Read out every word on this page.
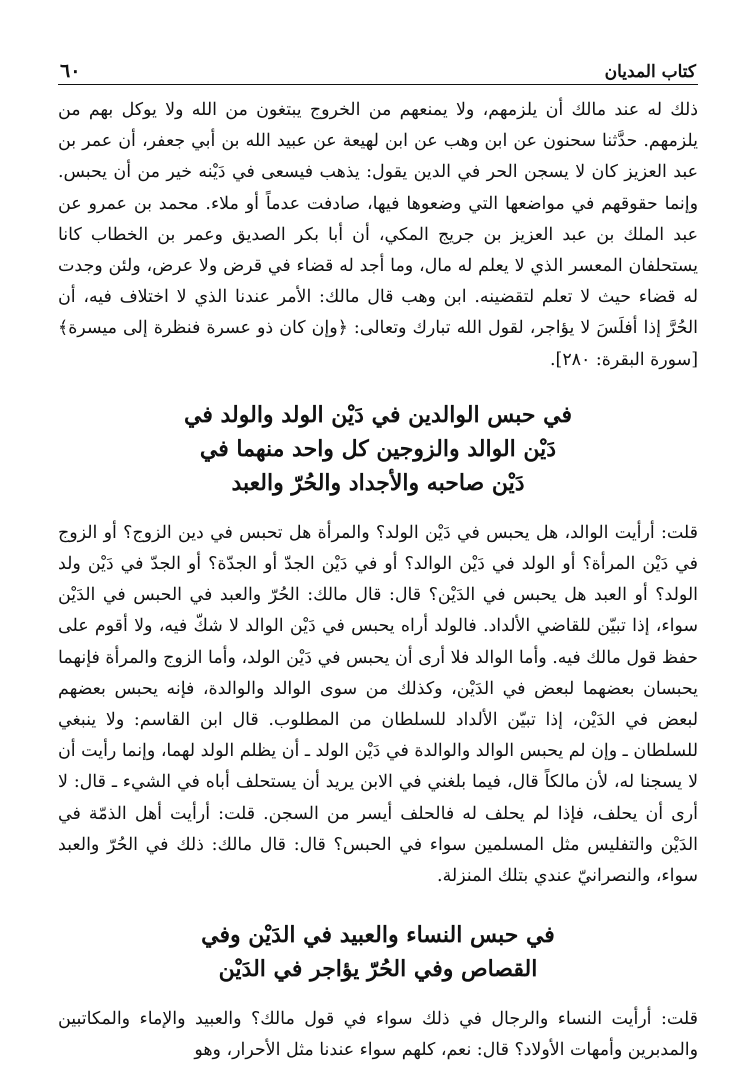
كتاب المديان
٦٠

ذلك له عند مالك أن يلزمهم، ولا يمنعهم من الخروج يبتغون من الله ولا يوكل بهم من يلزمهم. حدَّثنا سحنون عن ابن وهب عن ابن لهيعة عن عبيد الله بن أبي جعفر، أن عمر بن عبد العزيز كان لا يسجن الحر في الدين يقول: يذهب فيسعى في دَيْنه خير من أن يحبس. وإنما حقوقهم في مواضعها التي وضعوها فيها، صادفت عدماً أو ملاء. محمد بن عمرو عن عبد الملك بن عبد العزيز بن جريج المكي، أن أبا بكر الصديق وعمر بن الخطاب كانا يستحلفان المعسر الذي لا يعلم له مال، وما أجد له قضاء في قرض ولا عرض، ولئن وجدت له قضاء حيث لا تعلم لتقضينه. ابن وهب قال مالك: الأمر عندنا الذي لا اختلاف فيه، أن الحُرَّ إذا أفلَسَ لا يؤاجر، لقول الله تبارك وتعالى: ﴿وإن كان ذو عسرة فنظرة إلى ميسرة﴾ [سورة البقرة: ٢٨٠].

في حبس الوالدين في دَيْن الولد والولد في
دَيْن الوالد والزوجين كل واحد منهما في
دَيْن صاحبه والأجداد والحُرّ والعبد

قلت: أرأيت الوالد، هل يحبس في دَيْن الولد؟ والمرأة هل تحبس في دين الزوج؟ أو الزوج في دَيْن المرأة؟ أو الولد في دَيْن الوالد؟ أو في دَيْن الجدّ أو الجدّة؟ أو الجدّ في دَيْن ولد الولد؟ أو العبد هل يحبس في الدَيْن؟ قال: قال مالك: الحُرّ والعبد في الحبس في الدَيْن سواء، إذا تبيّن للقاضي الألداد. فالولد أراه يحبس في دَيْن الوالد لا شكّ فيه، ولا أقوم على حفظ قول مالك فيه. وأما الوالد فلا أرى أن يحبس في دَيْن الولد، وأما الزوج والمرأة فإنهما يحبسان بعضهما لبعض في الدَيْن، وكذلك من سوى الوالد والوالدة، فإنه يحبس بعضهم لبعض في الدَيْن، إذا تبيّن الألداد للسلطان من المطلوب. قال ابن القاسم: ولا ينبغي للسلطان ـ وإن لم يحبس الوالد والوالدة في دَيْن الولد ـ أن يظلم الولد لهما، وإنما رأيت أن لا يسجنا له، لأن مالكاً قال، فيما بلغني في الابن يريد أن يستحلف أباه في الشيء ـ قال: لا أرى أن يحلف، فإذا لم يحلف له فالحلف أيسر من السجن. قلت: أرأيت أهل الذمّة في الدَيْن والتفليس مثل المسلمين سواء في الحبس؟ قال: قال مالك: ذلك في الحُرّ والعبد سواء، والنصرانيّ عندي بتلك المنزلة.

في حبس النساء والعبيد في الدَيْن وفي
القصاص وفي الحُرّ يؤاجر في الدَيْن

قلت: أرأيت النساء والرجال في ذلك سواء في قول مالك؟ والعبيد والإماء والمكاتبين والمدبرين وأمهات الأولاد؟ قال: نعم، كلهم سواء عندنا مثل الأحرار، وهو
